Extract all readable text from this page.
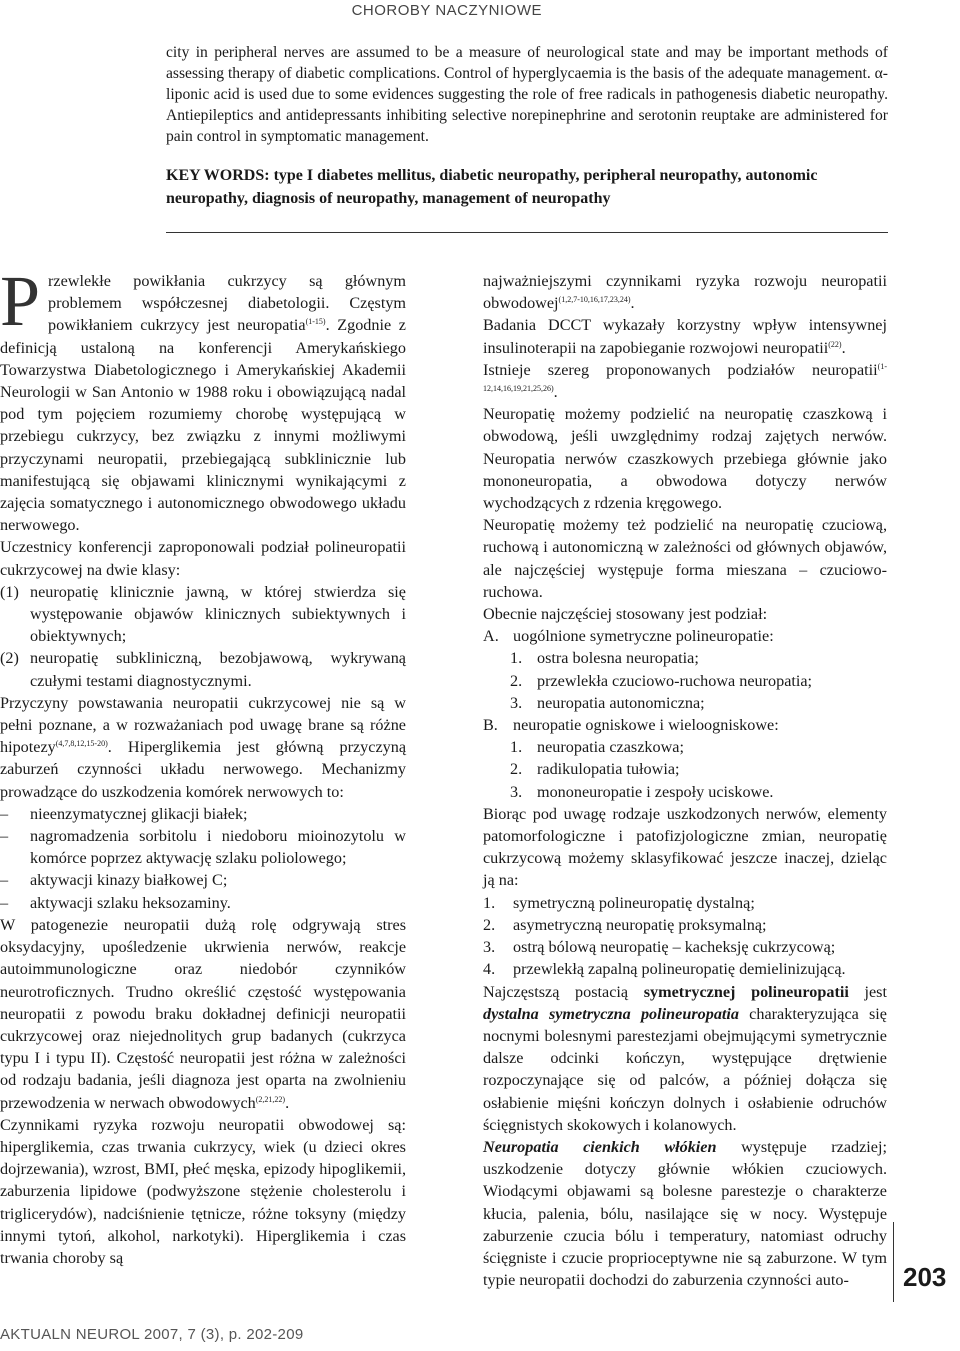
CHOROBY NACZYNIOWE
city in peripheral nerves are assumed to be a measure of neurological state and may be important methods of assessing therapy of diabetic complications. Control of hyperglycaemia is the basis of the adequate management. α-liponic acid is used due to some evidences suggesting the role of free radicals in pathogenesis diabetic neuropathy. Antiepileptics and antidepressants inhibiting selective norepinephrine and serotonin reuptake are administered for pain control in symptomatic management.
KEY WORDS: type I diabetes mellitus, diabetic neuropathy, peripheral neuropathy, autonomic neuropathy, diagnosis of neuropathy, management of neuropathy

Przewlekłe powikłania cukrzycy są głównym problemem współczesnej diabetologii. Częstym powikłaniem cukrzycy jest neuropatia$^{(1-15)}$. Zgodnie z definicją ustaloną na konferencji Amerykańskiego Towarzystwa Diabetologicznego i Amerykańskiej Akademii Neurologii w San Antonio w 1988 roku i obowiązującą nadal pod tym pojęciem rozumiemy chorobę występującą w przebiegu cukrzycy, bez związku z innymi możliwymi przyczynami neuropatii, przebiegającą subklinicznie lub manifestującą się objawami klinicznymi wynikającymi z zajęcia somatycznego i autonomicznego obwodowego układu nerwowego.

Uczestnicy konferencji zaproponowali podział polineuropatii cukrzycowej na dwie klasy:

(1) neuropatię klinicznie jawną, w której stwierdza się występowanie objawów klinicznych subiektywnych i obiektywnych;
(2) neuropatię subkliniczną, bezobjawową, wykrywaną czułymi testami diagnostycznymi.

Przyczyny powstawania neuropatii cukrzycowej nie są w pełni poznane, a w rozważaniach pod uwagę brane są różne hipotezy$^{(4,7,8,12,15-20)}$. Hiperglikemia jest główną przyczyną zaburzeń czynności układu nerwowego. Mechanizmy prowadzące do uszkodzenia komórek nerwowych to:

– nieenzymatycznej glikacji białek;
– nagromadzenia sorbitolu i niedoboru mioinozytolu w komórce poprzez aktywację szlaku poliolowego;
– aktywacji kinazy białkowej C;
– aktywacji szlaku heksozaminy.

W patogenezie neuropatii dużą rolę odgrywają stres oksydacyjny, upośledzenie ukrwienia nerwów, reakcje autoimmunologiczne oraz niedobór czynników neurotroficznych. Trudno określić częstość występowania neuropatii z powodu braku dokładnej definicji neuropatii cukrzycowej oraz niejednolitych grup badanych (cukrzyca typu I i typu II). Częstość neuropatii jest różna w zależności od rodzaju badania, jeśli diagnoza jest oparta na zwolnieniu przewodzenia w nerwach obwodowych$^{(2,21,22)}$.

Czynnikami ryzyka rozwoju neuropatii obwodowej są: hiperglikemia, czas trwania cukrzycy, wiek (u dzieci okres dojrzewania), wzrost, BMI, płeć męska, epizody hipoglikemii, zaburzenia lipidowe (podwyższone stężenie cholesterolu i triglicerydów), nadciśnienie tętnicze, różne toksyny (między innymi tytoń, alkohol, narkotyki). Hiperglikemia i czas trwania choroby są

najważniejszymi czynnikami ryzyka rozwoju neuropatii obwodowej$^{(1,2,7-10,16,17,23,24)}$.

Badania DCCT wykazały korzystny wpływ intensywnej insulinoterapii na zapobieganie rozwojowi neuropatii$^{(22)}$.

Istnieje szereg proponowanych podziałów neuropatii$^{(1-12,14,16,19,21,25,26)}$.

Neuropatię możemy podzielić na neuropatię czaszkową i obwodową, jeśli uwzględnimy rodzaj zajętych nerwów. Neuropatia nerwów czaszkowych przebiega głównie jako mononeuropatia, a obwodowa dotyczy nerwów wychodzących z rdzenia kręgowego.

Neuropatię możemy też podzielić na neuropatię czuciową, ruchową i autonomiczną w zależności od głównych objawów, ale najczęściej występuje forma mieszana – czuciowo-ruchowa.

Obecnie najczęściej stosowany jest podział:

A. uogólnione symetryczne polineuropatie:
1. ostra bolesna neuropatia;
2. przewlekła czuciowo-ruchowa neuropatia;
3. neuropatia autonomiczna;
B. neuropatie ogniskowe i wieloogniskowe:
1. neuropatia czaszkowa;
2. radikulopatia tułowia;
3. mononeuropatie i zespoły uciskowe.

Biorąc pod uwagę rodzaje uszkodzonych nerwów, elementy patomorfologiczne i patofizjologiczne zmian, neuropatię cukrzycową możemy sklasyfikować jeszcze inaczej, dzieląc ją na:

1. symetryczną polineuropatię dystalną;
2. asymetryczną neuropatię proksymalną;
3. ostrą bólową neuropatię – kacheksję cukrzycową;
4. przewlekłą zapalną polineuropatię demielinizującą.

Najczęstszą postacią symetrycznej polineuropatii jest dystalna symetryczna polineuropatia charakteryzująca się nocnymi bolesnymi parestezjami obejmującymi symetrycznie dalsze odcinki kończyn, występujące drętwienie rozpoczynające się od palców, a później dołącza się osłabienie mięśni kończyn dolnych i osłabienie odruchów ścięgnistych skokowych i kolanowych.

Neuropatia cienkich włókien występuje rzadziej; uszkodzenie dotyczy głównie włókien czuciowych. Wiodącymi objawami są bolesne parestezje o charakterze kłucia, palenia, bólu, nasilające się w nocy. Występuje zaburzenie czucia bólu i temperatury, natomiast odruchy ścięgniste i czucie proprioceptywne nie są zaburzone. W tym typie neuropatii dochodzi do zaburzenia czynności auto-	203
AKTUALN NEUROL 2007, 7 (3), p. 202-209
